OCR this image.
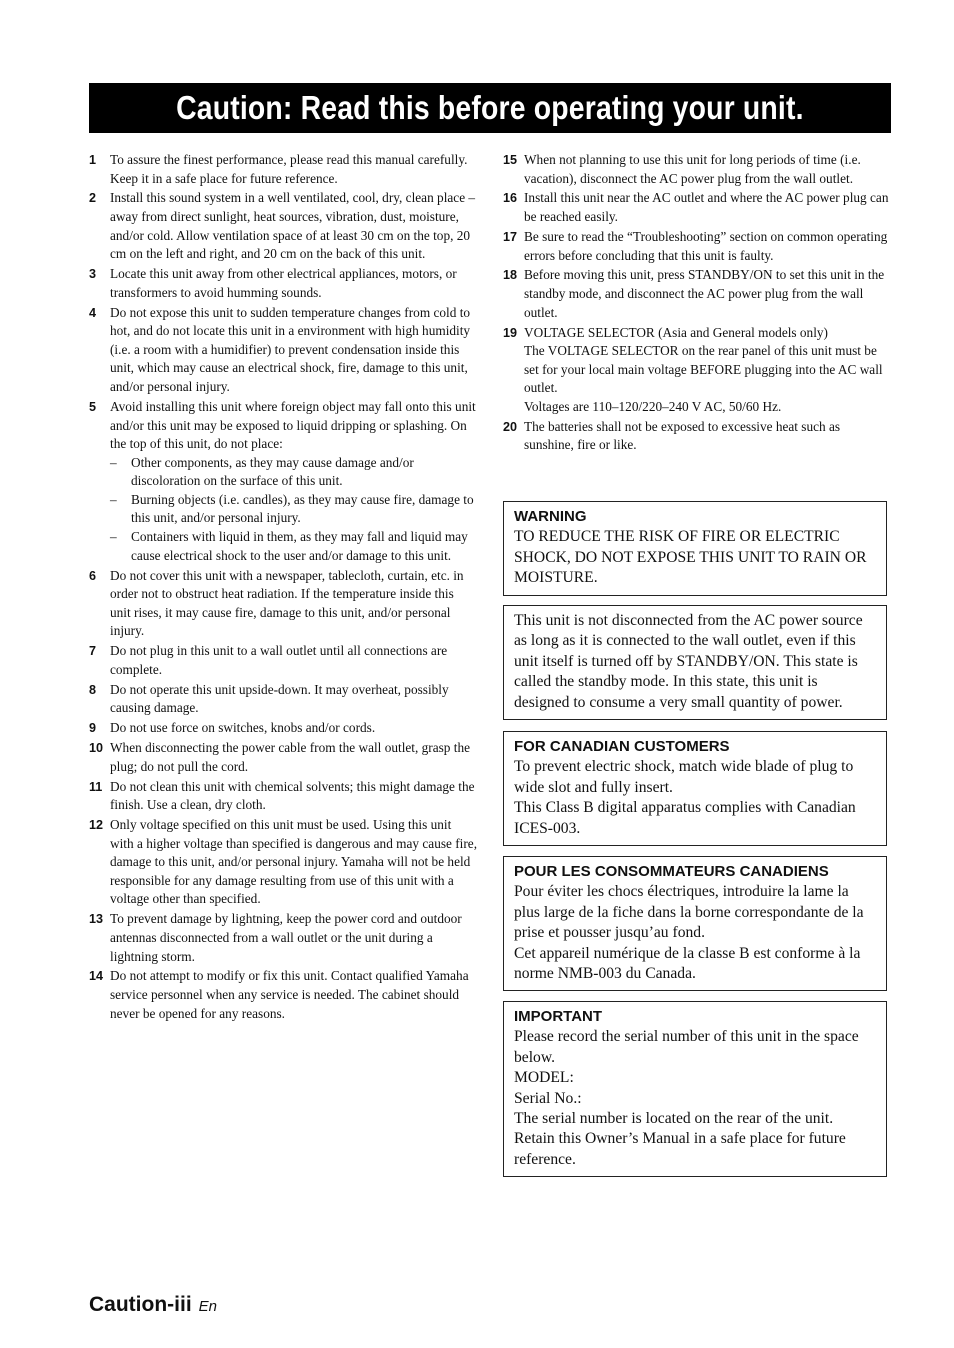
Caution: Read this before operating your unit.
1	To assure the finest performance, please read this manual carefully. Keep it in a safe place for future reference.
2	Install this sound system in a well ventilated, cool, dry, clean place – away from direct sunlight, heat sources, vibration, dust, moisture, and/or cold. Allow ventilation space of at least 30 cm on the top, 20 cm on the left and right, and 20 cm on the back of this unit.
3	Locate this unit away from other electrical appliances, motors, or transformers to avoid humming sounds.
4	Do not expose this unit to sudden temperature changes from cold to hot, and do not locate this unit in a environment with high humidity (i.e. a room with a humidifier) to prevent condensation inside this unit, which may cause an electrical shock, fire, damage to this unit, and/or personal injury.
5	Avoid installing this unit where foreign object may fall onto this unit and/or this unit may be exposed to liquid dripping or splashing. On the top of this unit, do not place:
–	Other components, as they may cause damage and/or discoloration on the surface of this unit.
–	Burning objects (i.e. candles), as they may cause fire, damage to this unit, and/or personal injury.
–	Containers with liquid in them, as they may fall and liquid may cause electrical shock to the user and/or damage to this unit.
6	Do not cover this unit with a newspaper, tablecloth, curtain, etc. in order not to obstruct heat radiation. If the temperature inside this unit rises, it may cause fire, damage to this unit, and/or personal injury.
7	Do not plug in this unit to a wall outlet until all connections are complete.
8	Do not operate this unit upside-down. It may overheat, possibly causing damage.
9	Do not use force on switches, knobs and/or cords.
10 When disconnecting the power cable from the wall outlet, grasp the plug; do not pull the cord.
11 Do not clean this unit with chemical solvents; this might damage the finish. Use a clean, dry cloth.
12 Only voltage specified on this unit must be used. Using this unit with a higher voltage than specified is dangerous and may cause fire, damage to this unit, and/or personal injury. Yamaha will not be held responsible for any damage resulting from use of this unit with a voltage other than specified.
13 To prevent damage by lightning, keep the power cord and outdoor antennas disconnected from a wall outlet or the unit during a lightning storm.
14 Do not attempt to modify or fix this unit. Contact qualified Yamaha service personnel when any service is needed. The cabinet should never be opened for any reasons.
15 When not planning to use this unit for long periods of time (i.e. vacation), disconnect the AC power plug from the wall outlet.
16 Install this unit near the AC outlet and where the AC power plug can be reached easily.
17 Be sure to read the “Troubleshooting” section on common operating errors before concluding that this unit is faulty.
18 Before moving this unit, press STANDBY/ON to set this unit in the standby mode, and disconnect the AC power plug from the wall outlet.
19 VOLTAGE SELECTOR (Asia and General models only)
The VOLTAGE SELECTOR on the rear panel of this unit must be set for your local main voltage BEFORE plugging into the AC wall outlet.
Voltages are 110–120/220–240 V AC, 50/60 Hz.
20 The batteries shall not be exposed to excessive heat such as sunshine, fire or like.
WARNING
TO REDUCE THE RISK OF FIRE OR ELECTRIC SHOCK, DO NOT EXPOSE THIS UNIT TO RAIN OR MOISTURE.
This unit is not disconnected from the AC power source as long as it is connected to the wall outlet, even if this unit itself is turned off by STANDBY/ON. This state is called the standby mode. In this state, this unit is designed to consume a very small quantity of power.
FOR CANADIAN CUSTOMERS
To prevent electric shock, match wide blade of plug to wide slot and fully insert.
This Class B digital apparatus complies with Canadian ICES-003.
POUR LES CONSOMMATEURS CANADIENS
Pour éviter les chocs électriques, introduire la lame la plus large de la fiche dans la borne correspondante de la prise et pousser jusqu’au fond.
Cet appareil numérique de la classe B est conforme à la norme NMB-003 du Canada.
IMPORTANT
Please record the serial number of this unit in the space below.
MODEL:
Serial No.:
The serial number is located on the rear of the unit. Retain this Owner’s Manual in a safe place for future reference.
Caution-iii En
